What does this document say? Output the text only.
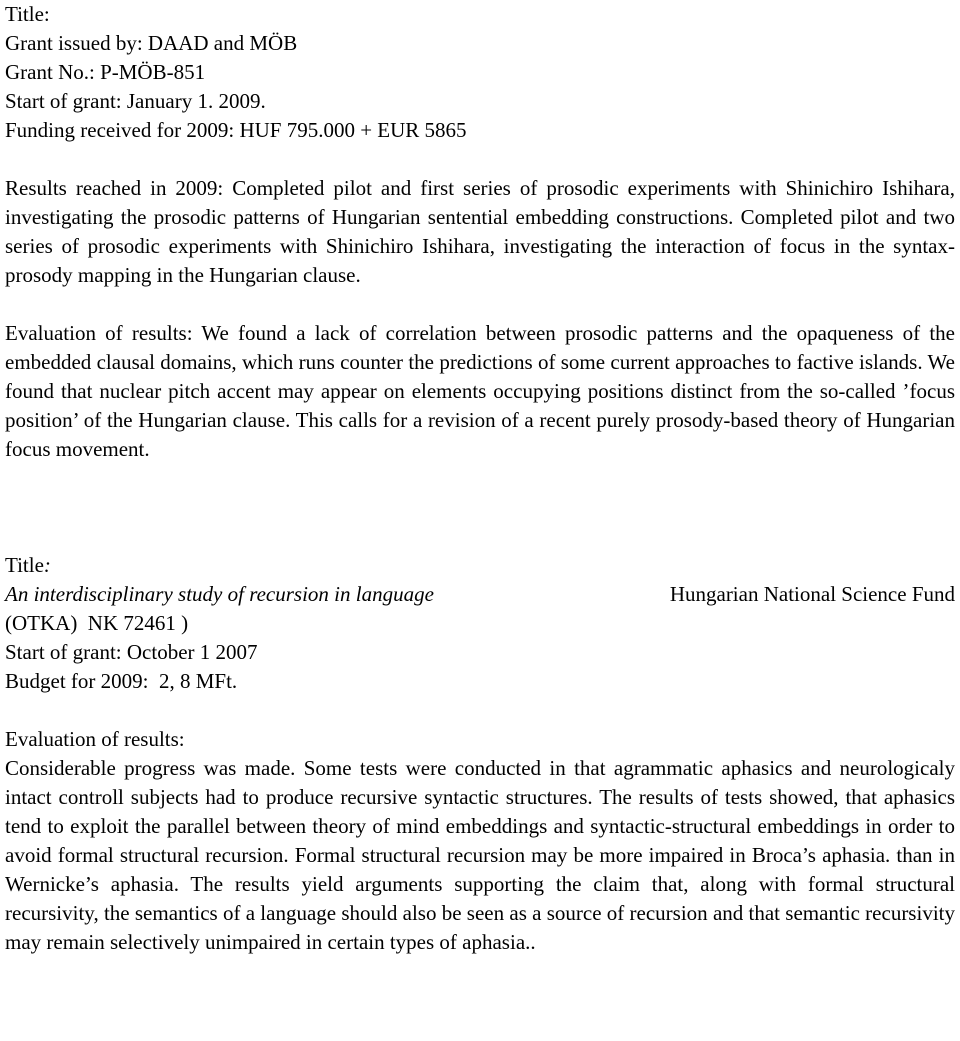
Title:
Grant issued by: DAAD and MÖB
Grant No.: P-MÖB-851
Start of grant: January 1. 2009.
Funding received for 2009: HUF 795.000 + EUR 5865

Results reached in 2009: Completed pilot and first series of prosodic experiments with Shinichiro Ishihara, investigating the prosodic patterns of Hungarian sentential embedding constructions. Completed pilot and two series of prosodic experiments with Shinichiro Ishihara, investigating the interaction of focus in the syntax-prosody mapping in the Hungarian clause.

Evaluation of results: We found a lack of correlation between prosodic patterns and the opaqueness of the embedded clausal domains, which runs counter the predictions of some current approaches to factive islands. We found that nuclear pitch accent may appear on elements occupying positions distinct from the so-called ’focus position’ of the Hungarian clause. This calls for a revision of a recent purely prosody-based theory of Hungarian focus movement.

Title:
An interdisciplinary study of recursion in language	Hungarian National Science Fund
(OTKA)  NK 72461 )
Start of grant: October 1 2007
Budget for 2009:  2, 8 MFt.
Evaluation of results:

Considerable progress was made. Some tests were conducted in that agrammatic aphasics and neurologicaly intact controll subjects had to produce recursive syntactic structures. The results of tests showed, that aphasics tend to exploit the parallel between theory of mind embeddings and syntactic-structural embeddings in order to avoid formal structural recursion. Formal structural recursion may be more impaired in Broca’s aphasia. than in Wernicke’s aphasia. The results yield arguments supporting the claim that, along with formal structural recursivity, the semantics of a language should also be seen as a source of recursion and that semantic recursivity may remain selectively unimpaired in certain types of aphasia..
